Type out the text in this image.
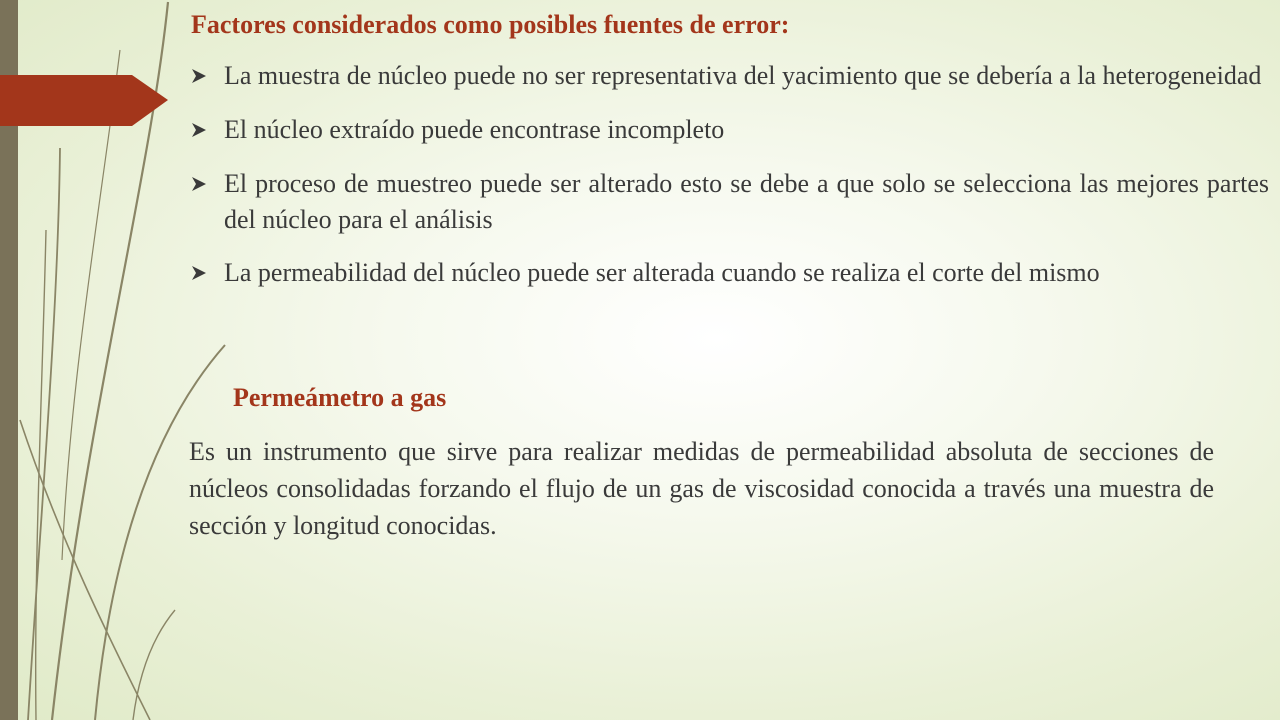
Factores considerados como posibles fuentes de error:

La muestra de núcleo puede no ser representativa del yacimiento que se debería a la heterogeneidad
El núcleo extraído puede encontrase incompleto
El proceso de muestreo puede ser alterado esto se debe a que solo se selecciona las mejores partes del núcleo para el análisis
La permeabilidad del núcleo puede ser alterada cuando se realiza el corte del mismo

Permeámetro a gas

Es un instrumento que sirve para realizar medidas de permeabilidad absoluta de secciones de núcleos consolidadas forzando el flujo de un gas de viscosidad conocida a través una muestra de sección y longitud conocidas.
